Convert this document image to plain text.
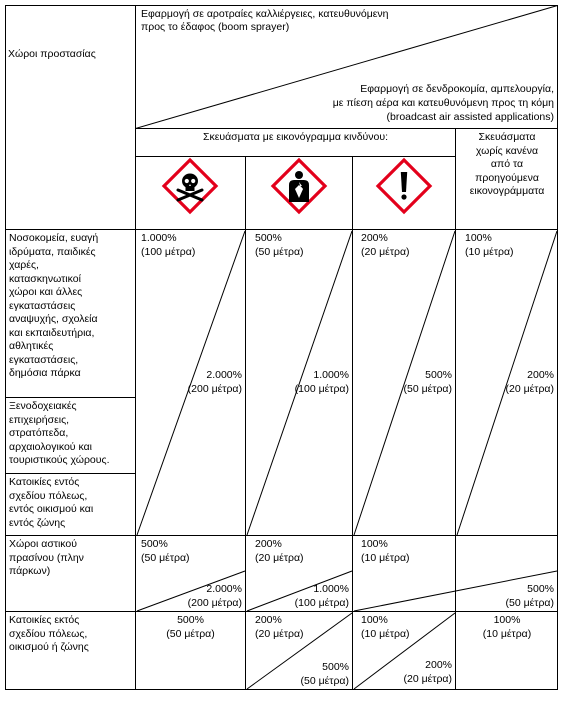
Χώροι προστασίας
Εφαρμογή σε αροτραίες καλλιέργειες, κατευθυνόμενη
προς το έδαφος (boom sprayer)
Εφαρμογή σε δενδροκομία, αμπελουργία,
με πίεση αέρα και κατευθυνόμενη προς τη κόμη
(broadcast air assisted applications)
Σκευάσματα με εικονόγραμμα κινδύνου:	Σκευάσματα
χωρίς κανένα
από τα
προηγούμενα
εικονογράμματα
Νοσοκομεία, ευαγή
ιδρύματα, παιδικές
χαρές,
κατασκηνωτικοί
χώροι και άλλες
εγκαταστάσεις
αναψυχής, σχολεία
και εκπαιδευτήρια,
αθλητικές
εγκαταστάσεις,
δημόσια πάρκα
Ξενοδοχειακές
επιχειρήσεις,
στρατόπεδα,
αρχαιολογικού και
τουριστικούς χώρους.
Κατοικίες εντός
σχεδίου πόλεως,
εντός οικισμού και
εντός ζώνης
1.000%
(100 μέτρα)
2.000%
(200 μέτρα)
500%
(50 μέτρα)
1.000%
(100 μέτρα)
200%
(20 μέτρα)
500%
(50 μέτρα)
100%
(10 μέτρα)
200%
(20 μέτρα)
Χώροι αστικού
πρασίνου (πλην
πάρκων)
500%
(50 μέτρα)
2.000%
(200 μέτρα)
200%
(20 μέτρα)
1.000%
(100 μέτρα)
100%
(10 μέτρα)
500%
(50 μέτρα)
Κατοικίες εκτός
σχεδίου πόλεως,
οικισμού ή ζώνης
500%
(50 μέτρα)
200%
(20 μέτρα)
500%
(50 μέτρα)
100%
(10 μέτρα)
200%
(20 μέτρα)
100%
(10 μέτρα)
